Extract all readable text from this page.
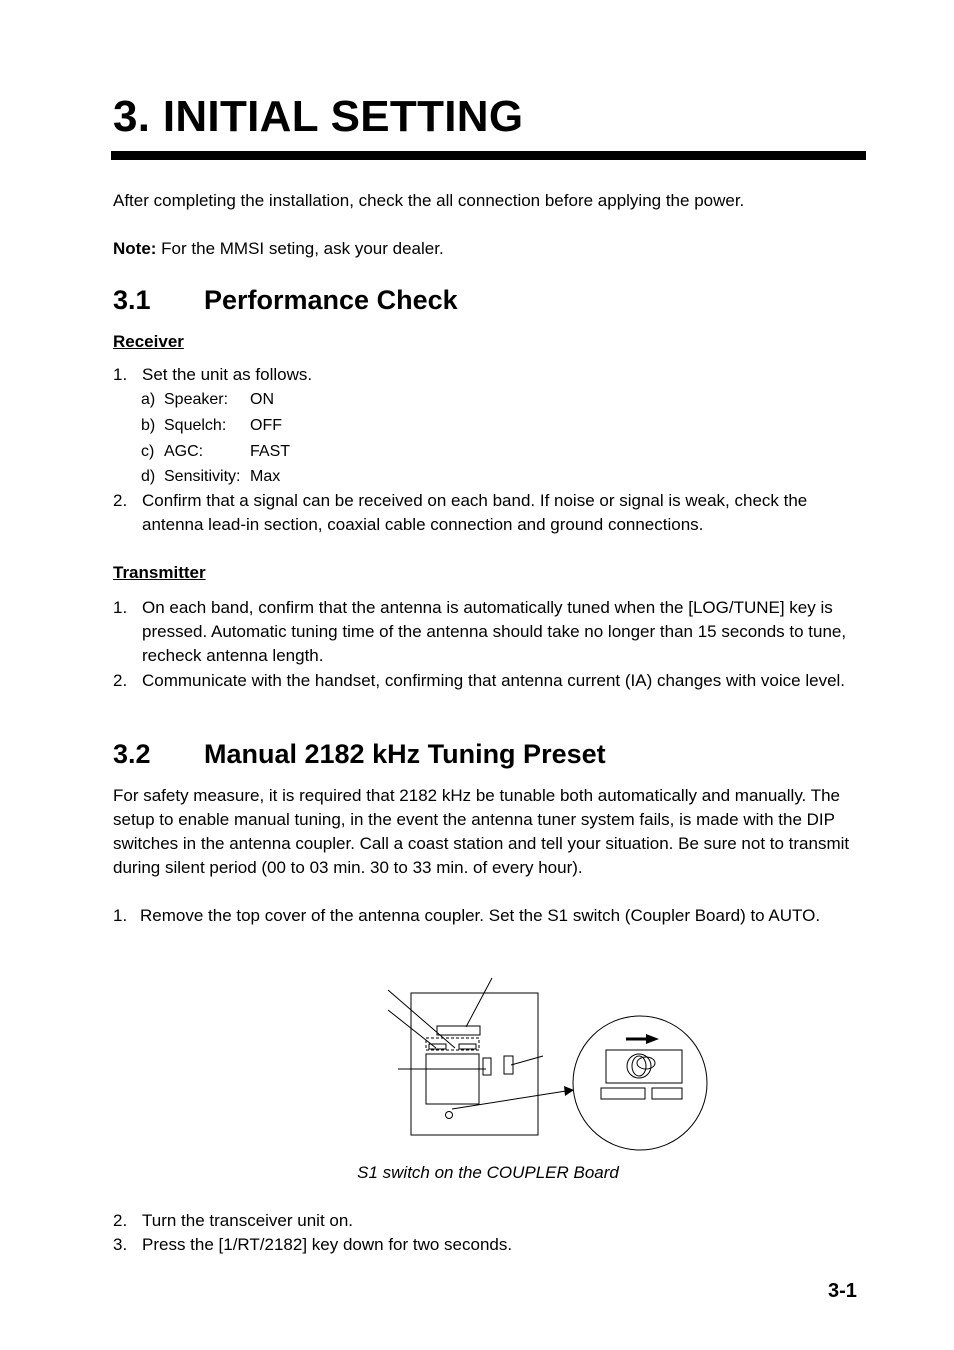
3. INITIAL SETTING

After completing the installation, check the all connection before applying the power.

Note: For the MMSI seting, ask your dealer.

3.1 Performance Check

Receiver

1. Set the unit as follows.
a) Speaker: ON
b) Squelch: OFF
c) AGC:	FAST
d) Sensitivity: Max
2. Confirm that a signal can be received on each band. If noise or signal is weak, check the antenna lead-in section, coaxial cable connection and ground connections.

Transmitter

1. On each band, confirm that the antenna is automatically tuned when the [LOG/TUNE] key is pressed. Automatic tuning time of the antenna should take no longer than 15 seconds to tune, recheck antenna length.
2. Communicate with the handset, confirming that antenna current (IA) changes with voice level.
3.2 Manual 2182 kHz Tuning Preset

For safety measure, it is required that 2182 kHz be tunable both automatically and manually. The setup to enable manual tuning, in the event the antenna tuner system fails, is made with the DIP switches in the antenna coupler. Call a coast station and tell your situation. Be sure not to transmit during silent period (00 to 03 min. 30 to 33 min. of every hour).

1. Remove the top cover of the antenna coupler. Set the S1 switch (Coupler Board) to AUTO.
S1 switch on the COUPLER Board
2. Turn the transceiver unit on.
3. Press the [1/RT/2182] key down for two seconds.
3-1
